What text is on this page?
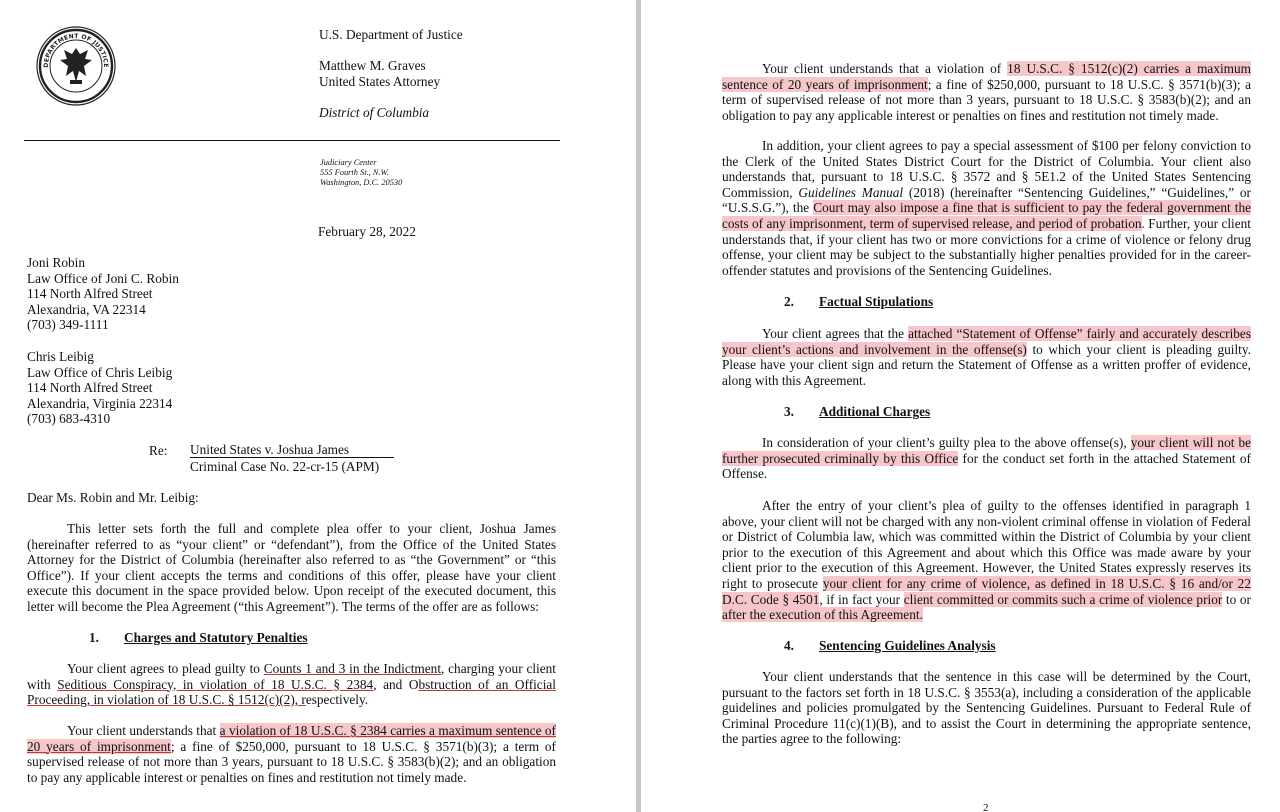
DEPARTMENT OF JUSTICE
U.S. Department of Justice
Matthew M. Graves
United States Attorney
District of Columbia
Judiciary Center
555 Fourth St., N.W.
Washington, D.C. 20530
February 28, 2022
Joni Robin
Law Office of Joni C. Robin
114 North Alfred Street
Alexandria, VA 22314
(703) 349-1111
Chris Leibig
Law Office of Chris Leibig
114 North Alfred Street
Alexandria, Virginia 22314
(703) 683-4310
Re: United States v. Joshua James
Criminal Case No. 22-cr-15 (APM)
Dear Ms. Robin and Mr. Leibig:
This letter sets forth the full and complete plea offer to your client, Joshua James (hereinafter referred to as “your client” or “defendant”), from the Office of the United States Attorney for the District of Columbia (hereinafter also referred to as “the Government” or “this Office”). If your client accepts the terms and conditions of this offer, please have your client execute this document in the space provided below. Upon receipt of the executed document, this letter will become the Plea Agreement (“this Agreement”). The terms of the offer are as follows:
1. Charges and Statutory Penalties
Your client agrees to plead guilty to Counts 1 and 3 in the Indictment, charging your client with Seditious Conspiracy, in violation of 18 U.S.C. § 2384, and Obstruction of an Official Proceeding, in violation of 18 U.S.C. § 1512(c)(2), respectively.
Your client understands that a violation of 18 U.S.C. § 2384 carries a maximum sentence of 20 years of imprisonment; a fine of $250,000, pursuant to 18 U.S.C. § 3571(b)(3); a term of supervised release of not more than 3 years, pursuant to 18 U.S.C. § 3583(b)(2); and an obligation to pay any applicable interest or penalties on fines and restitution not timely made.
Your client understands that a violation of 18 U.S.C. § 1512(c)(2) carries a maximum sentence of 20 years of imprisonment; a fine of $250,000, pursuant to 18 U.S.C. § 3571(b)(3); a term of supervised release of not more than 3 years, pursuant to 18 U.S.C. § 3583(b)(2); and an obligation to pay any applicable interest or penalties on fines and restitution not timely made.
In addition, your client agrees to pay a special assessment of $100 per felony conviction to the Clerk of the United States District Court for the District of Columbia. Your client also understands that, pursuant to 18 U.S.C. § 3572 and § 5E1.2 of the United States Sentencing Commission, Guidelines Manual (2018) (hereinafter “Sentencing Guidelines,” “Guidelines,” or “U.S.S.G.”), the Court may also impose a fine that is sufficient to pay the federal government the costs of any imprisonment, term of supervised release, and period of probation. Further, your client understands that, if your client has two or more convictions for a crime of violence or felony drug offense, your client may be subject to the substantially higher penalties provided for in the career-offender statutes and provisions of the Sentencing Guidelines.
2. Factual Stipulations
Your client agrees that the attached “Statement of Offense” fairly and accurately describes your client’s actions and involvement in the offense(s) to which your client is pleading guilty. Please have your client sign and return the Statement of Offense as a written proffer of evidence, along with this Agreement.
3. Additional Charges
In consideration of your client’s guilty plea to the above offense(s), your client will not be further prosecuted criminally by this Office for the conduct set forth in the attached Statement of Offense.
After the entry of your client’s plea of guilty to the offenses identified in paragraph 1 above, your client will not be charged with any non-violent criminal offense in violation of Federal or District of Columbia law, which was committed within the District of Columbia by your client prior to the execution of this Agreement and about which this Office was made aware by your client prior to the execution of this Agreement. However, the United States expressly reserves its right to prosecute your client for any crime of violence, as defined in 18 U.S.C. § 16 and/or 22 D.C. Code § 4501, if in fact your client committed or commits such a crime of violence prior to or after the execution of this Agreement.
4. Sentencing Guidelines Analysis
Your client understands that the sentence in this case will be determined by the Court, pursuant to the factors set forth in 18 U.S.C. § 3553(a), including a consideration of the applicable guidelines and policies promulgated by the Sentencing Guidelines. Pursuant to Federal Rule of Criminal Procedure 11(c)(1)(B), and to assist the Court in determining the appropriate sentence, the parties agree to the following:
2
